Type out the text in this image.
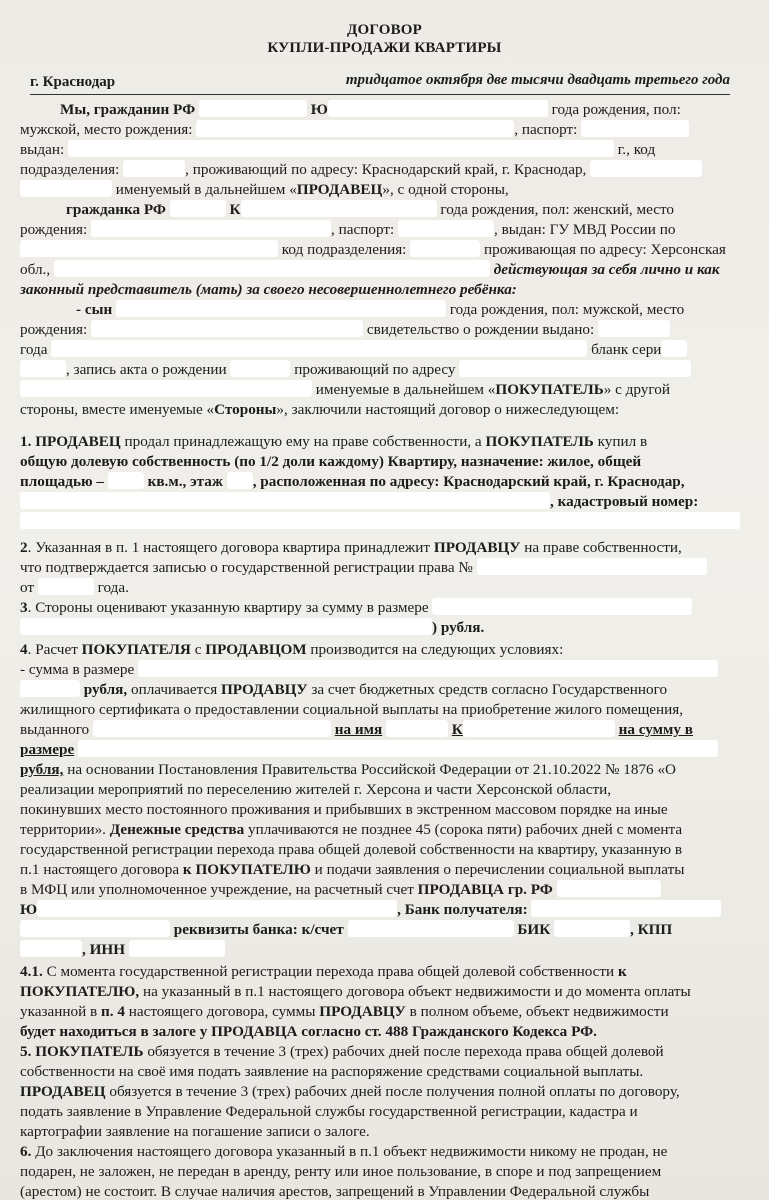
ДОГОВОР
КУПЛИ-ПРОДАЖИ КВАРТИРЫ
г. Краснодар	тридцатое октября две тысячи двадцать третьего года
Мы, гражданин РФ	Ю	года рождения, пол:
мужской, место рождения:	, паспорт:
выдан:	г., код
подразделения:	, проживающий по адресу: Краснодарский край, г. Краснодар,
именуемый в дальнейшем «ПРОДАВЕЦ», с одной стороны,
гражданка РФ	К	года рождения, пол: женский, место
рождения:	, паспорт:	, выдан: ГУ МВД России по
код подразделения:	проживающая по адресу: Херсонская
обл.,	действующая за себя лично и как
законный представитель (мать) за своего несовершеннолетнего ребёнка:
- сын	года рождения, пол: мужской, место
рождения:	свидетельство о рождении выдано:
года	бланк сери
, запись акта о рождении	проживающий по адресу
именуемые в дальнейшем «ПОКУПАТЕЛЬ» с другой
стороны, вместе именуемые «Стороны», заключили настоящий договор о нижеследующем:
1. ПРОДАВЕЦ продал принадлежащую ему на праве собственности, а ПОКУПАТЕЛЬ купил в
общую долевую собственность (по 1/2 доли каждому) Квартиру, назначение: жилое, общей
площадью –	кв.м., этаж , расположенная по адресу: Краснодарский край, г. Краснодар,
, кадастровый номер:
2. Указанная в п. 1 настоящего договора квартира принадлежит ПРОДАВЦУ на праве собственности,
что подтверждается записью о государственной регистрации права №
от	года.
3. Стороны оценивают указанную квартиру за сумму в размере
) рубля.
4. Расчет ПОКУПАТЕЛЯ с ПРОДАВЦОМ производится на следующих условиях:
- сумма в размере
рубля, оплачивается ПРОДАВЦУ за счет бюджетных средств согласно Государственного
жилищного сертификата о предоставлении социальной выплаты на приобретение жилого помещения,
выданного	на имя	К	на сумму в
размере
рубля, на основании Постановления Правительства Российской Федерации от 21.10.2022 № 1876 «О
реализации мероприятий по переселению жителей г. Херсона и части Херсонской области,
покинувших место постоянного проживания и прибывших в экстренном массовом порядке на иные
территории». Денежные средства уплачиваются не позднее 45 (сорока пяти) рабочих дней с момента
государственной регистрации перехода права общей долевой собственности на квартиру, указанную в
п.1 настоящего договора к ПОКУПАТЕЛЮ и подачи заявления о перечислении социальной выплаты
в МФЦ или уполномоченное учреждение, на расчетный счет ПРОДАВЦА гр. РФ
Ю	, Банк получателя:
реквизиты банка: к/счет	БИК	, КПП
, ИНН
4.1. С момента государственной регистрации перехода права общей долевой собственности к
ПОКУПАТЕЛЮ, на указанный в п.1 настоящего договора объект недвижимости и до момента оплаты
указанной в п. 4 настоящего договора, суммы ПРОДАВЦУ в полном объеме, объект недвижимости
будет находиться в залоге у ПРОДАВЦА согласно ст. 488 Гражданского Кодекса РФ.
5. ПОКУПАТЕЛЬ обязуется в течение 3 (трех) рабочих дней после перехода права общей долевой
собственности на своё имя подать заявление на распоряжение средствами социальной выплаты.
ПРОДАВЕЦ обязуется в течение 3 (трех) рабочих дней после получения полной оплаты по договору,
подать заявление в Управление Федеральной службы государственной регистрации, кадастра и
картографии заявление на погашение записи о залоге.
6. До заключения настоящего договора указанный в п.1 объект недвижимости никому не продан, не
подарен, не заложен, не передан в аренду, ренту или иное пользование, в споре и под запрещением
(арестом) не состоит. В случае наличия арестов, запрещений в Управлении Федеральной службы
